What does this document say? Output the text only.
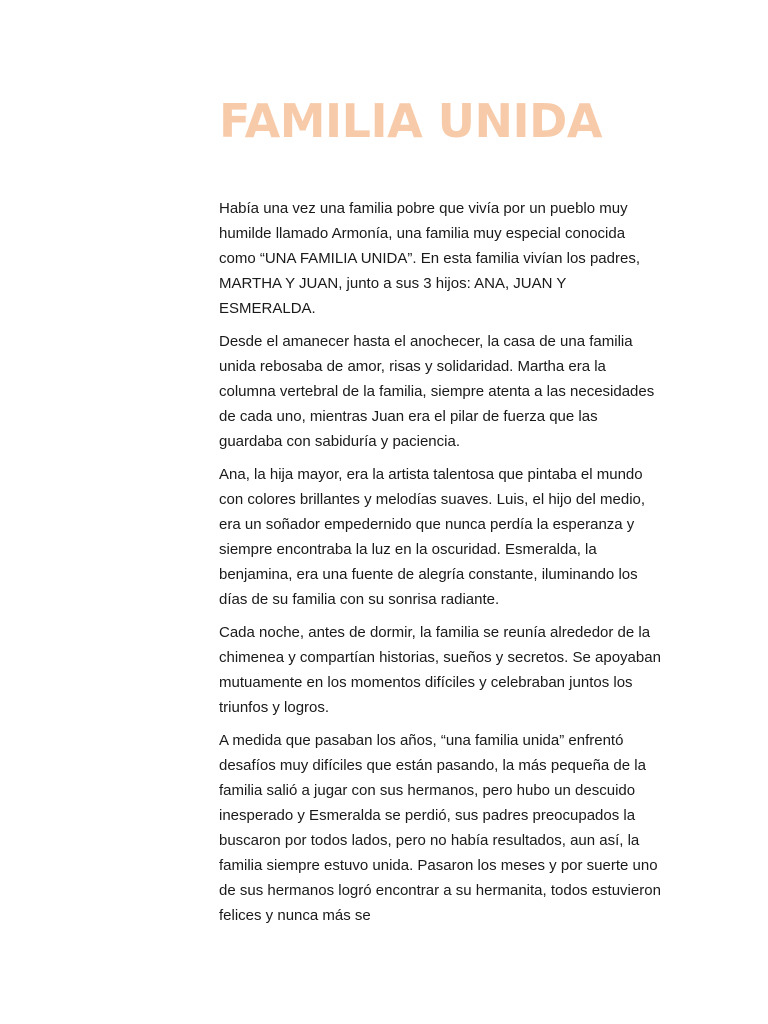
FAMILIA UNIDA

Había una vez una familia pobre que vivía por un pueblo muy humilde llamado Armonía, una familia muy especial conocida como “UNA FAMILIA UNIDA”. En esta familia vivían los padres, MARTHA Y JUAN, junto a sus 3 hijos: ANA, JUAN Y ESMERALDA.

Desde el amanecer hasta el anochecer, la casa de una familia unida rebosaba de amor, risas y solidaridad. Martha era la columna vertebral de la familia, siempre atenta a las necesidades de cada uno, mientras Juan era el pilar de fuerza que las guardaba con sabiduría y paciencia.

Ana, la hija mayor, era la artista talentosa que pintaba el mundo con colores brillantes y melodías suaves. Luis, el hijo del medio, era un soñador empedernido que nunca perdía la esperanza y siempre encontraba la luz en la oscuridad. Esmeralda, la benjamina, era una fuente de alegría constante, iluminando los días de su familia con su sonrisa radiante.

Cada noche, antes de dormir, la familia se reunía alrededor de la chimenea y compartían historias, sueños y secretos. Se apoyaban mutuamente en los momentos difíciles y celebraban juntos los triunfos y logros.

A medida que pasaban los años, “una familia unida” enfrentó desafíos muy difíciles que están pasando, la más pequeña de la familia salió a jugar con sus hermanos, pero hubo un descuido inesperado y Esmeralda se perdió, sus padres preocupados la buscaron por todos lados, pero no había resultados, aun así, la familia siempre estuvo unida. Pasaron los meses y por suerte uno de sus hermanos logró encontrar a su hermanita, todos estuvieron felices y nunca más se
